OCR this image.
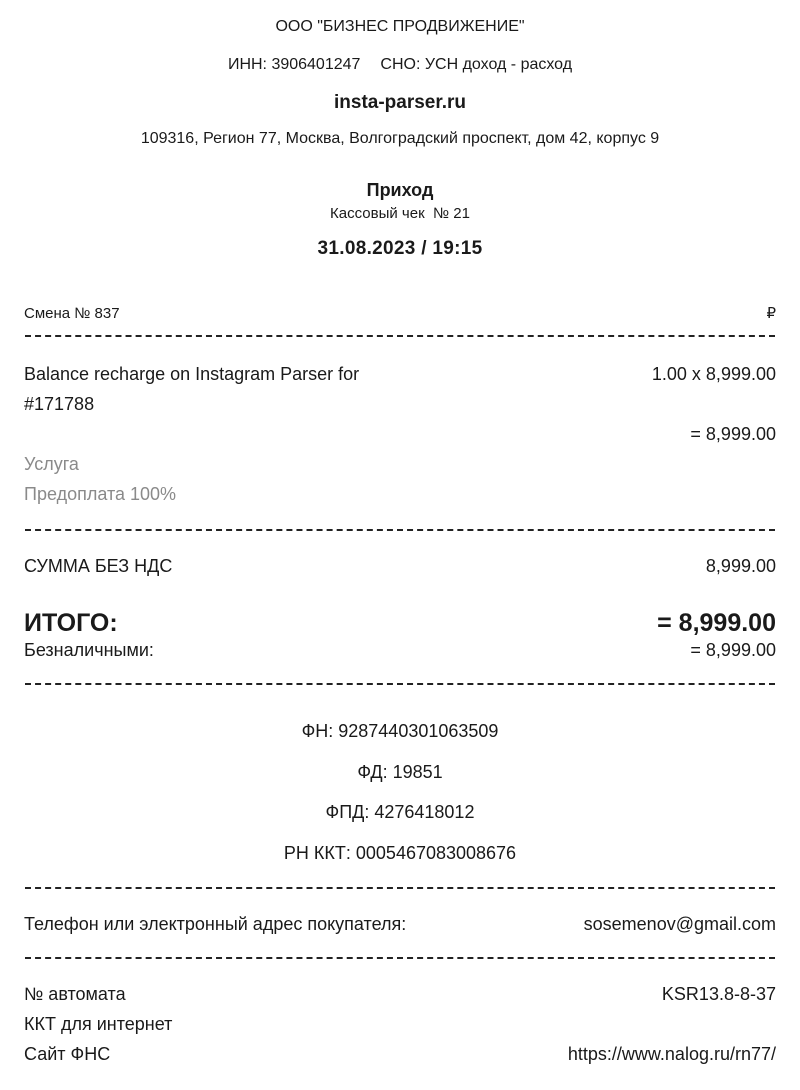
ООО "БИЗНЕС ПРОДВИЖЕНИЕ"
ИНН: 3906401247 СНО: УСН доход - расход
insta-parser.ru
109316, Регион 77, Москва, Волгоградский проспект, дом 42, корпус 9
Приход
Кассовый чек  № 21
31.08.2023 / 19:15
Смена № 837	₽
Balance recharge on Instagram Parser for #171788
1.00 x 8,999.00
= 8,999.00
Услуга
Предоплата 100%
СУММА БЕЗ НДС	8,999.00
ИТОГО:	= 8,999.00
Безналичными:	= 8,999.00
ФН: 9287440301063509
ФД: 19851
ФПД: 4276418012
РН ККТ: 0005467083008676
Телефон или электронный адрес покупателя:	sosemenov@gmail.com
№ автомата	KSR13.8-8-37
ККТ для интернет
Сайт ФНС	https://www.nalog.ru/rn77/
